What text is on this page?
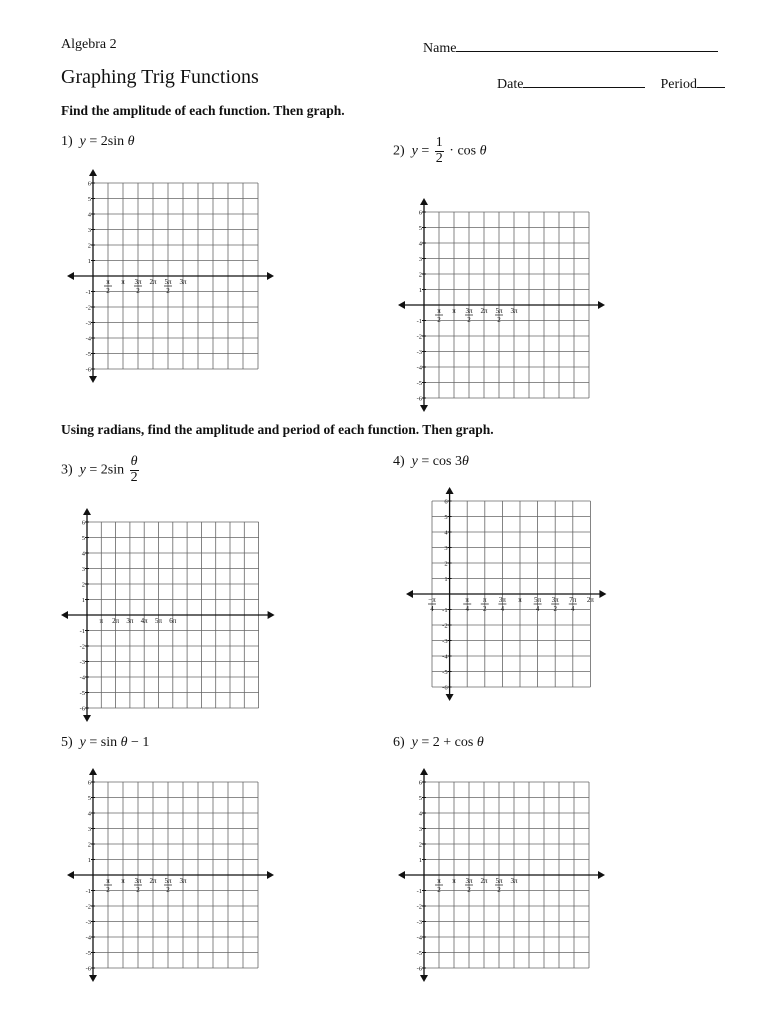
Algebra 2	Name
Graphing Trig Functions	Date	Period
Find the amplitude of each function. Then graph.
Using radians, find the amplitude and period of each function. Then graph.
1) y = 2sin θ
2) $y = \frac{1}{2} \cdot \cos \theta$
3) $y = 2\sin \frac{\theta}{2}$	4) y = cos 3θ
5) y = sin θ − 1	6) y = 2 + cos θ
6
5
4
3
2
1
-1
-2
-3
-4
-5
-6
π
2
π 3π
2
2π 5π
2
3π
6
5
4
3
2
1
-1
-2
-3
-4
-5
-6
π
2
π 3π
2
2π 5π
2
3π
6
5
4
3
2
1
-1
-2
-3
-4
-5
-6
π 2π 3π 4π 5π 6π
6
5
4
3
2
1
-1
-2
-3
-4
-5
-6
−π
4
π
4
π
2
3π
4
π 5π
4
3π
2
7π
4
2π
6
5
4
3
2
1
-1
-2
-3
-4
-5
-6
π
2
π 3π
2
2π 5π
2
3π
6
5
4
3
2
1
-1
-2
-3
-4
-5
-6
π
2
π 3π
2
2π 5π
2
3π
